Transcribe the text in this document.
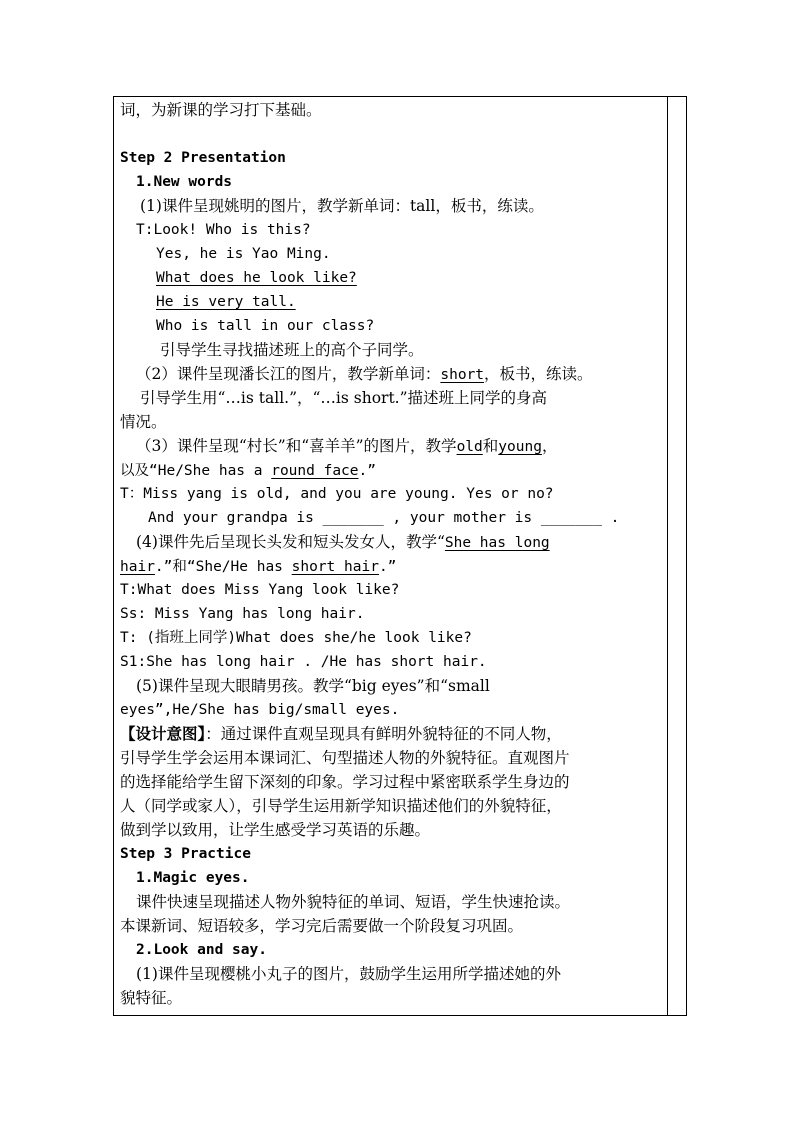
词，为新课的学习打下基础。
Step 2 Presentation
1.New words
(1)课件呈现姚明的图片，教学新单词：tall，板书，练读。
T:Look! Who is this?
Yes, he is Yao Ming.
What does he look like?
He is very tall.
Who is tall in our class?
引导学生寻找描述班上的高个子同学。
（2）课件呈现潘长江的图片，教学新单词：short，板书，练读。
引导学生用“…is tall.”，“…is short.”描述班上同学的身高
情况。
（3）课件呈现“村长”和“喜羊羊”的图片，教学old和young，
以及“He/She has a round face.”
T：Miss yang is old, and you are young. Yes or no?
And your grandpa is _______ , your mother is _______ .
(4)课件先后呈现长头发和短头发女人，教学“She has long
hair.”和“She/He has short hair.”
T:What does Miss Yang look like?
Ss: Miss Yang has long hair.
T: (指班上同学)What does she/he look like?
S1:She has long hair . /He has short hair.
(5)课件呈现大眼睛男孩。教学“big eyes”和“small
eyes”,He/She has big/small eyes.
【设计意图】：通过课件直观呈现具有鲜明外貌特征的不同人物，
引导学生学会运用本课词汇、句型描述人物的外貌特征。直观图片
的选择能给学生留下深刻的印象。学习过程中紧密联系学生身边的
人（同学或家人），引导学生运用新学知识描述他们的外貌特征，
做到学以致用，让学生感受学习英语的乐趣。
Step 3 Practice
1.Magic eyes.
课件快速呈现描述人物外貌特征的单词、短语，学生快速抢读。
本课新词、短语较多，学习完后需要做一个阶段复习巩固。
2.Look and say.
(1)课件呈现樱桃小丸子的图片，鼓励学生运用所学描述她的外
貌特征。
